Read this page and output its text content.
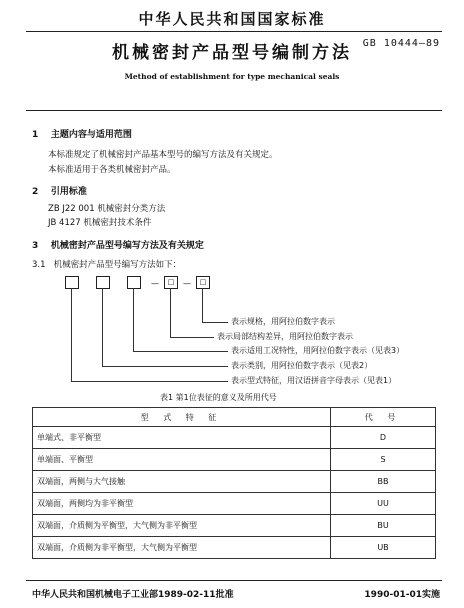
中华人民共和国国家标准
GB 10444—89
机械密封产品型号编制方法
Method of establishment for type mechanical seals
1 主题内容与适用范围
本标准规定了机械密封产品基本型号的编写方法及有关规定。
本标准适用于各类机械密封产品。
2 引用标准
ZB J22 001 机械密封分类方法
JB 4127 机械密封技术条件
3 机械密封产品型号编写方法及有关规定
3.1 机械密封产品型号编写方法如下：
—	□	—	□
表示规格，用阿拉伯数字表示
表示局部结构差异，用阿拉伯数字表示
表示适用工况特性，用阿拉伯数字表示（见表3）
表示类别，用阿拉伯数字表示（见表2）
表示型式特征，用汉语拼音字母表示（见表1）
表1 第1位表征的意义及所用代号
型 式 特 征	代 号
单端式、非平衡型	D
单端面、平衡型	S
双端面，两侧与大气接触	BB
双端面，两侧均为非平衡型	UU
双端面，介质侧为平衡型，大气侧为非平衡型	BU
双端面，介质侧为非平衡型，大气侧为平衡型	UB
中华人民共和国机械电子工业部1989-02-11批准	1990-01-01实施
